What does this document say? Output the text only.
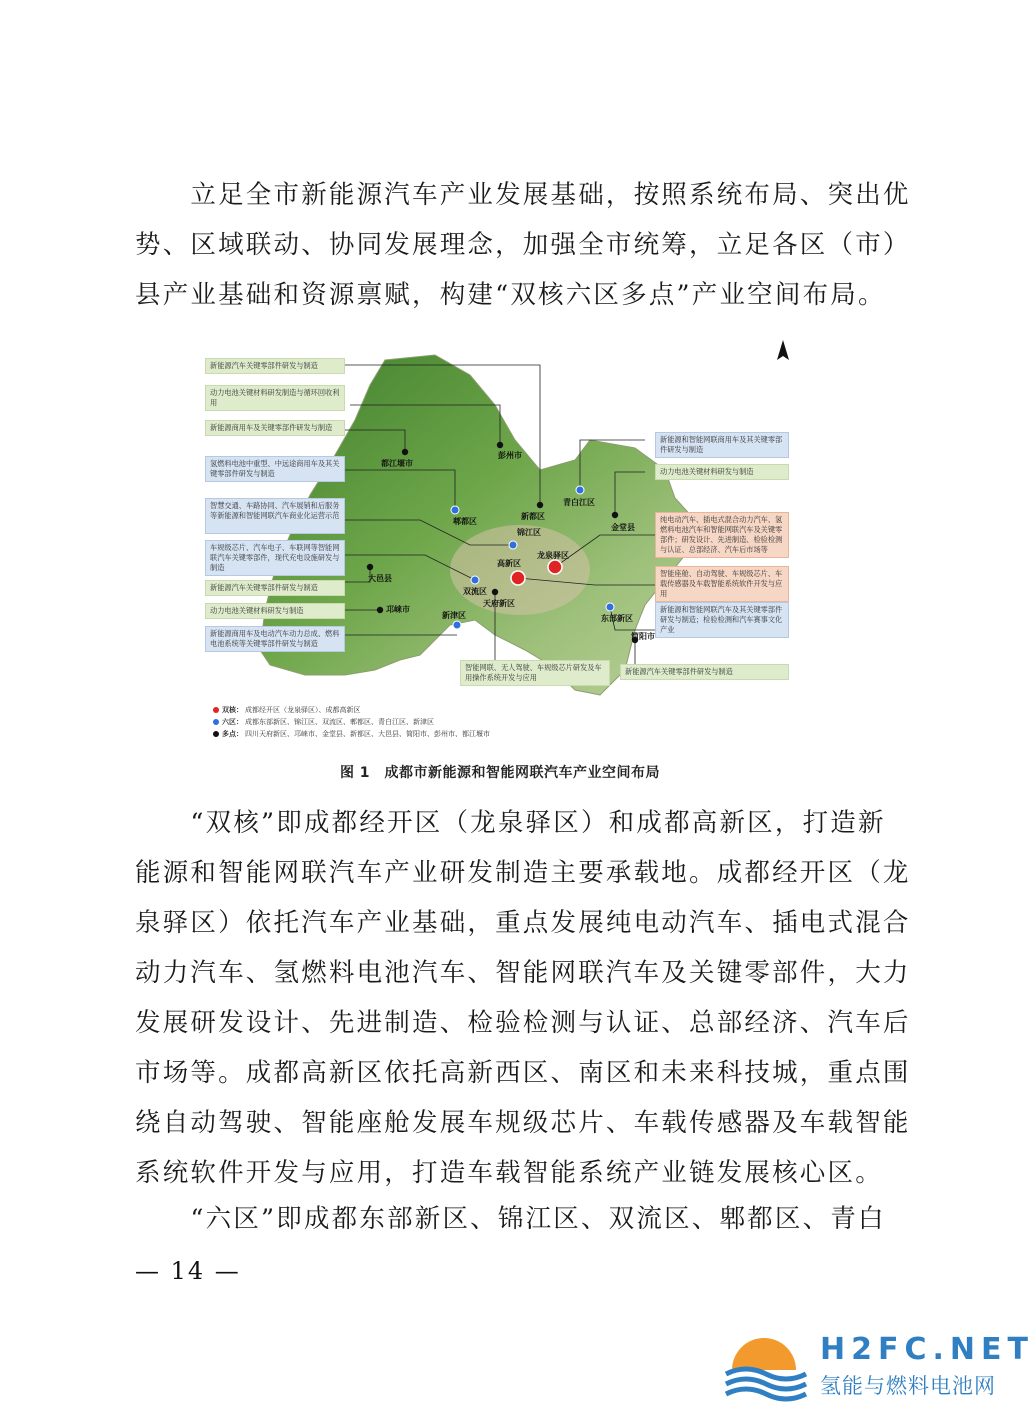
　　立足全市新能源汽车产业发展基础，按照系统布局、突出优
势、区域联动、协同发展理念，加强全市统筹，立足各区（市）
县产业基础和资源禀赋，构建“双核六区多点”产业空间布局。
新能源汽车关键零部件研发与制造
动力电池关键材料研发制造与循环回收利用
新能源商用车及关键零部件研发与制造
氢燃料电池中重型、中远途商用车及其关键零部件研发与制造
智慧交通、车路协同、汽车展销和后服务等新能源和智能网联汽车商业化运营示范
车规级芯片、汽车电子、车联网等智能网联汽车关键零部件，现代充电设施研发与制造
新能源汽车关键零部件研发与制造
动力电池关键材料研发与制造
新能源商用车及电动汽车动力总成、燃料电池系统等关键零部件研发与制造
新能源和智能网联商用车及其关键零部件研发与制造
动力电池关键材料研发与制造
纯电动汽车、插电式混合动力汽车、氢燃料电池汽车和智能网联汽车及关键零部件；研发设计、先进制造、检验检测与认证、总部经济、汽车后市场等
智能座舱、自动驾驶、车规级芯片、车载传感器及车载智能系统软件开发与应用
新能源和智能网联汽车及其关键零部件研发与制造；检验检测和汽车赛事文化产业
新能源汽车关键零部件研发与制造
智能网联、无人驾驶、车规级芯片研发及车用操作系统开发与应用
都江堰市
彭州市
郫都区
新都区
青白江区
金堂县
锦江区
龙泉驿区
高新区
双流区
天府新区
大邑县
邛崃市
新津区	东部新区
简阳市
双核： 成都经开区（龙泉驿区）、成都高新区
六区： 成都东部新区、锦江区、双流区、郫都区、青白江区、新津区
多点： 四川天府新区、邛崃市、金堂县、新都区、大邑县、简阳市、彭州市、都江堰市
图 1　成都市新能源和智能网联汽车产业空间布局
　　“双核”即成都经开区（龙泉驿区）和成都高新区，打造新
能源和智能网联汽车产业研发制造主要承载地。成都经开区（龙
泉驿区）依托汽车产业基础，重点发展纯电动汽车、插电式混合
动力汽车、氢燃料电池汽车、智能网联汽车及关键零部件，大力
发展研发设计、先进制造、检验检测与认证、总部经济、汽车后
市场等。成都高新区依托高新西区、南区和未来科技城，重点围
绕自动驾驶、智能座舱发展车规级芯片、车载传感器及车载智能
系统软件开发与应用，打造车载智能系统产业链发展核心区。
　　“六区”即成都东部新区、锦江区、双流区、郫都区、青白
— 14 —
H2FC.NET
氢能与燃料电池网
